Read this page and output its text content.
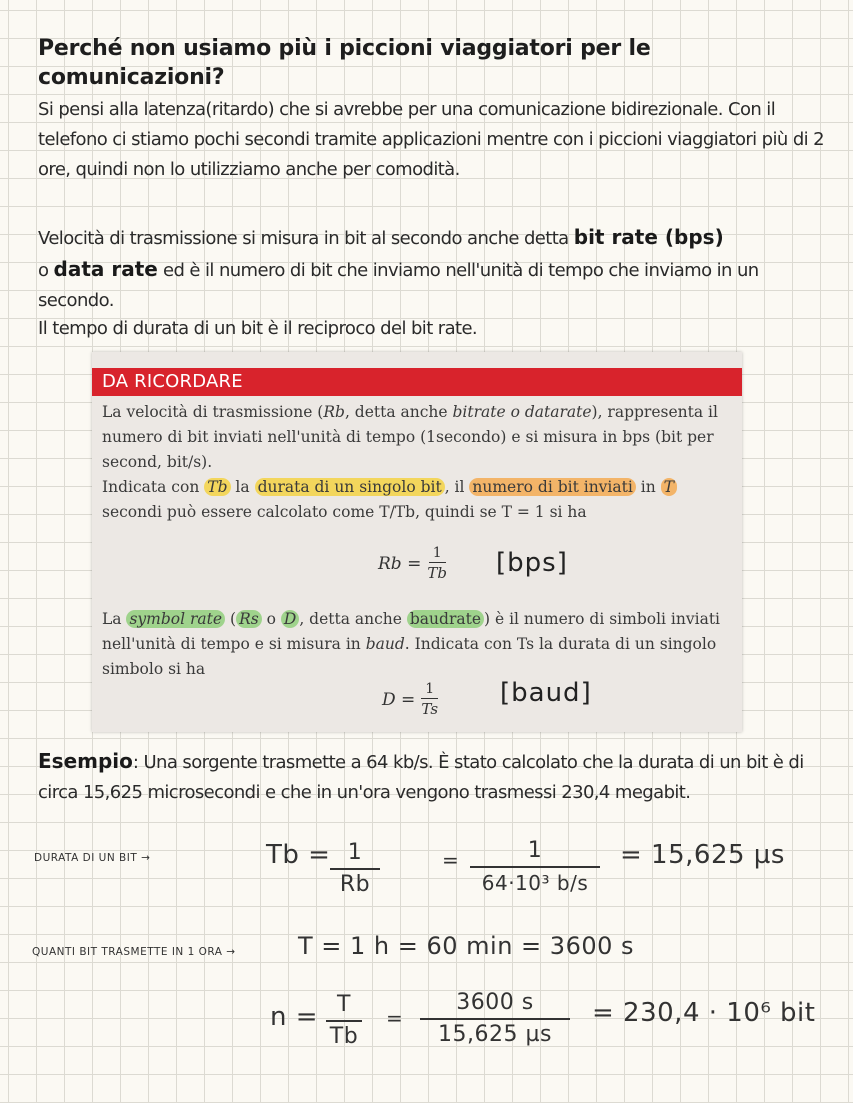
Perché non usiamo più i piccioni viaggiatori per le comunicazioni?
Si pensi alla latenza(ritardo) che si avrebbe per una comunicazione bidirezionale. Con il telefono ci stiamo pochi secondi tramite applicazioni mentre con i piccioni viaggiatori più di 2 ore, quindi non lo utilizziamo anche per comodità.
Velocità di trasmissione si misura in bit al secondo anche detta bit rate (bps)
o data rate ed è il numero di bit che inviamo nell'unità di tempo che inviamo in un secondo.
Il tempo di durata di un bit è il reciproco del bit rate.
DA RICORDARE
La velocità di trasmissione (Rb, detta anche bitrate o datarate), rappresenta il numero di bit inviati nell'unità di tempo (1secondo) e si misura in bps (bit per second, bit/s).
Indicata con Tb la durata di un singolo bit , il numero di bit inviati in T secondi può essere calcolato come T/Tb, quindi se T = 1 si ha
$Rb = \frac{1}{Tb} [bps]$
La symbol rate ( Rs o D , detta anche baudrate ) è il numero di simboli inviati nell'unità di tempo e si misura in baud. Indicata con Ts la durata di un singolo simbolo si ha
$D = \frac{1}{Ts}$ [baud]
Esempio: Una sorgente trasmette a 64 kb/s. È stato calcolato che la durata di un bit è di circa 15,625 microsecondi e che in un'ora vengono trasmessi 230,4 megabit.
DURATA DI UN BIT →	Tb = 1
Rb
=	1
64·10³ b/s
= 15,625 µs
QUANTI BIT TRASMETTE IN 1 ORA →	T = 1 h = 60 min = 3600 s
n = T
Tb
=
3600 s
15,625 µs
= 230,4 · 10⁶ bit
